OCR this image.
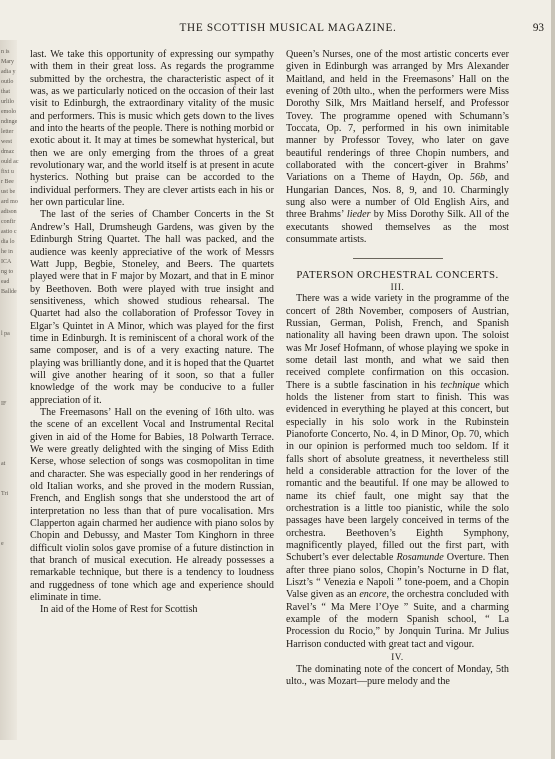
n is
Mary
adia y
outlo
that
urlilo
emolo
ndinge
letter
west
dmaz
ould ac
fixt u
r Bee
ust be
ard mo
adison
confir
astio c
dia lo
he in
ICA
ng to
ead
Ballde
l pa
IF
at
Tri
e
THE SCOTTISH MUSICAL MAGAZINE.	93

last. We take this opportunity of expressing our sympathy with them in their great loss. As regards the programme submitted by the orchestra, the characteristic aspect of it was, as we particularly noticed on the occasion of their last visit to Edinburgh, the extraordinary vitality of the music and performers. This is music which gets down to the lives and into the hearts of the people. There is nothing morbid or exotic about it. It may at times be somewhat hysterical, but then we are only emerging from the throes of a great revolutionary war, and the world itself is at present in acute hysterics. Nothing but praise can be accorded to the individual performers. They are clever artists each in his or her own particular line.

The last of the series of Chamber Concerts in the St Andrew’s Hall, Drumsheugh Gardens, was given by the Edinburgh String Quartet. The hall was packed, and the audience was keenly appreciative of the work of Messrs Watt Jupp, Begbie, Stoneley, and Beers. The quartets played were that in F major by Mozart, and that in E minor by Beethoven. Both were played with true insight and sensitiveness, which showed studious rehearsal. The Quartet had also the collaboration of Professor Tovey in Elgar’s Quintet in A Minor, which was played for the first time in Edinburgh. It is reminiscent of a choral work of the same composer, and is of a very exacting nature. The playing was brilliantly done, and it is hoped that the Quartet will give another hearing of it soon, so that a fuller knowledge of the work may be conducive to a fuller appreciation of it.

The Freemasons’ Hall on the evening of 16th ulto. was the scene of an excellent Vocal and Instrumental Recital given in aid of the Home for Babies, 18 Polwarth Terrace. We were greatly delighted with the singing of Miss Edith Kerse, whose selection of songs was cosmopolitan in time and character. She was especially good in her renderings of old Italian works, and she proved in the modern Russian, French, and English songs that she understood the art of interpretation no less than that of pure vocalisation. Mrs Clapperton again charmed her audience with piano solos by Chopin and Debussy, and Master Tom Kinghorn in three difficult violin solos gave promise of a future distinction in that branch of musical execution. He already possesses a remarkable technique, but there is a tendency to loudness and ruggedness of tone which age and experience should eliminate in time.

In aid of the Home of Rest for Scottish

Queen’s Nurses, one of the most artistic concerts ever given in Edinburgh was arranged by Mrs Alexander Maitland, and held in the Freemasons’ Hall on the evening of 20th ulto., when the performers were Miss Dorothy Silk, Mrs Maitland herself, and Professor Tovey. The programme opened with Schumann’s Toccata, Op. 7, performed in his own inimitable manner by Professor Tovey, who later on gave beautiful renderings of three Chopin numbers, and collaborated with the concert-giver in Brahms’ Variations on a Theme of Haydn, Op. 56b, and Hungarian Dances, Nos. 8, 9, and 10. Charmingly sung also were a number of Old English Airs, and three Brahms’ lieder by Miss Dorothy Silk. All of the executants showed themselves as the most consummate artists.

PATERSON ORCHESTRAL CONCERTS.

III.

There was a wide variety in the programme of the concert of 28th November, composers of Austrian, Russian, German, Polish, French, and Spanish nationality all having been drawn upon. The soloist was Mr Josef Hofmann, of whose playing we spoke in some detail last month, and what we said then received complete confirmation on this occasion. There is a subtle fascination in his technique which holds the listener from start to finish. This was evidenced in everything he played at this concert, but especially in his solo work in the Rubinstein Pianoforte Concerto, No. 4, in D Minor, Op. 70, which in our opinion is performed much too seldom. If it falls short of absolute greatness, it nevertheless still held a considerable attraction for the lover of the romantic and the beautiful. If one may be allowed to name its chief fault, one might say that the orchestration is a little too pianistic, while the solo passages have been largely conceived in terms of the orchestra. Beethoven’s Eighth Symphony, magnificently played, filled out the first part, with Schubert’s ever delectable Rosamunde Overture. Then after three piano solos, Chopin’s Nocturne in D flat, Liszt’s “ Venezia e Napoli ” tone-poem, and a Chopin Valse given as an encore, the orchestra concluded with Ravel’s “ Ma Mere l’Oye ” Suite, and a charming example of the modern Spanish school, “ La Procession du Rocio,” by Jonquin Turina. Mr Julius Harrison conducted with great tact and vigour.

IV.

The dominating note of the concert of Monday, 5th ulto., was Mozart—pure melody and the
